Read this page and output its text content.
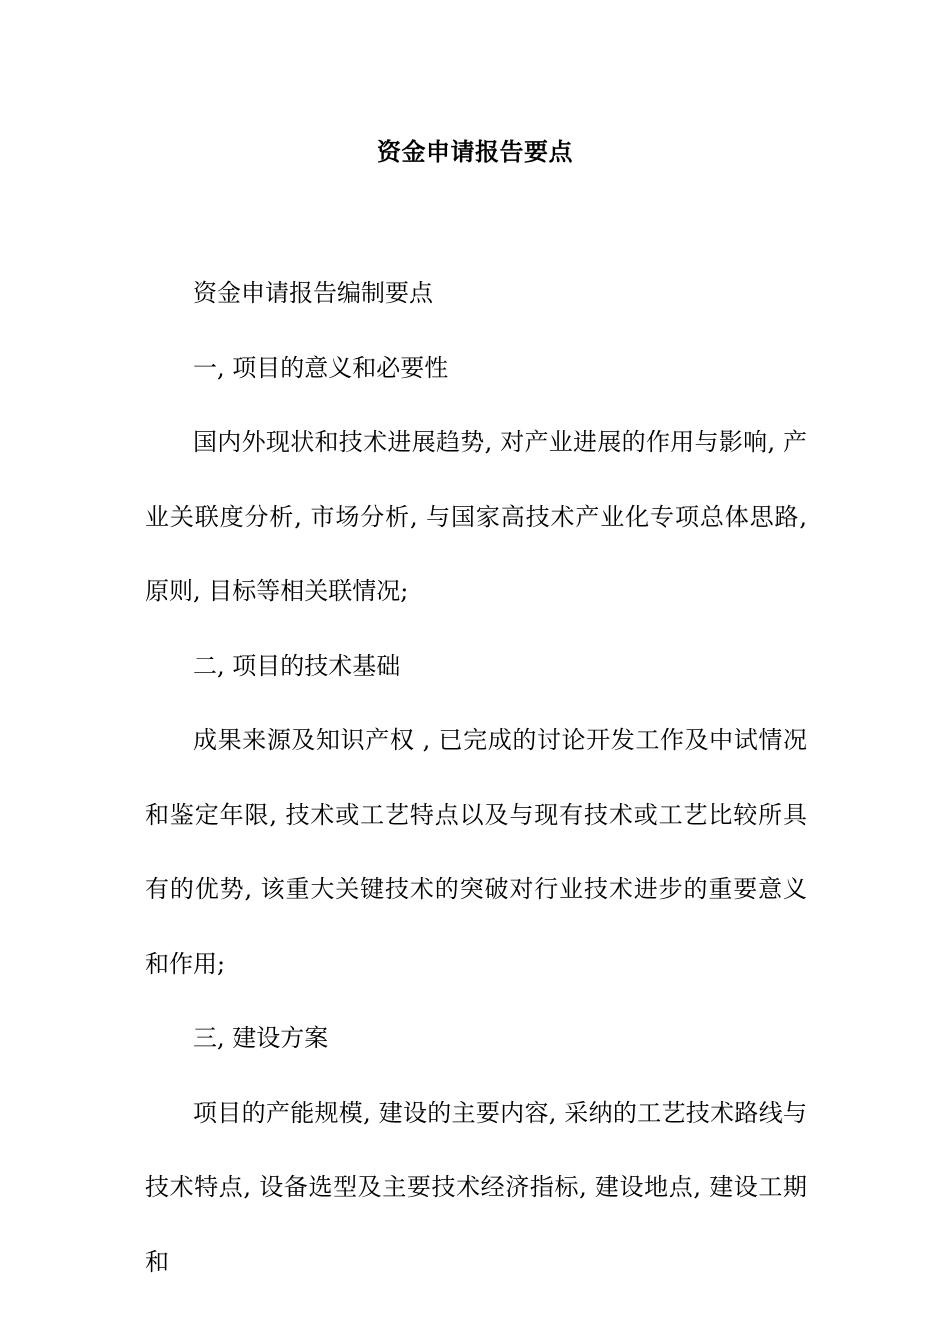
资金申请报告要点

资金申请报告编制要点

一, 项目的意义和必要性

国内外现状和技术进展趋势, 对产业进展的作用与影响, 产业关联度分析, 市场分析, 与国家高技术产业化专项总体思路, 原则, 目标等相关联情况;

二, 项目的技术基础

成果来源及知识产权 , 已完成的讨论开发工作及中试情况和鉴定年限, 技术或工艺特点以及与现有技术或工艺比较所具有的优势, 该重大关键技术的突破对行业技术进步的重要意义和作用;

三, 建设方案

项目的产能规模, 建设的主要内容, 采纳的工艺技术路线与技术特点, 设备选型及主要技术经济指标, 建设地点, 建设工期和
